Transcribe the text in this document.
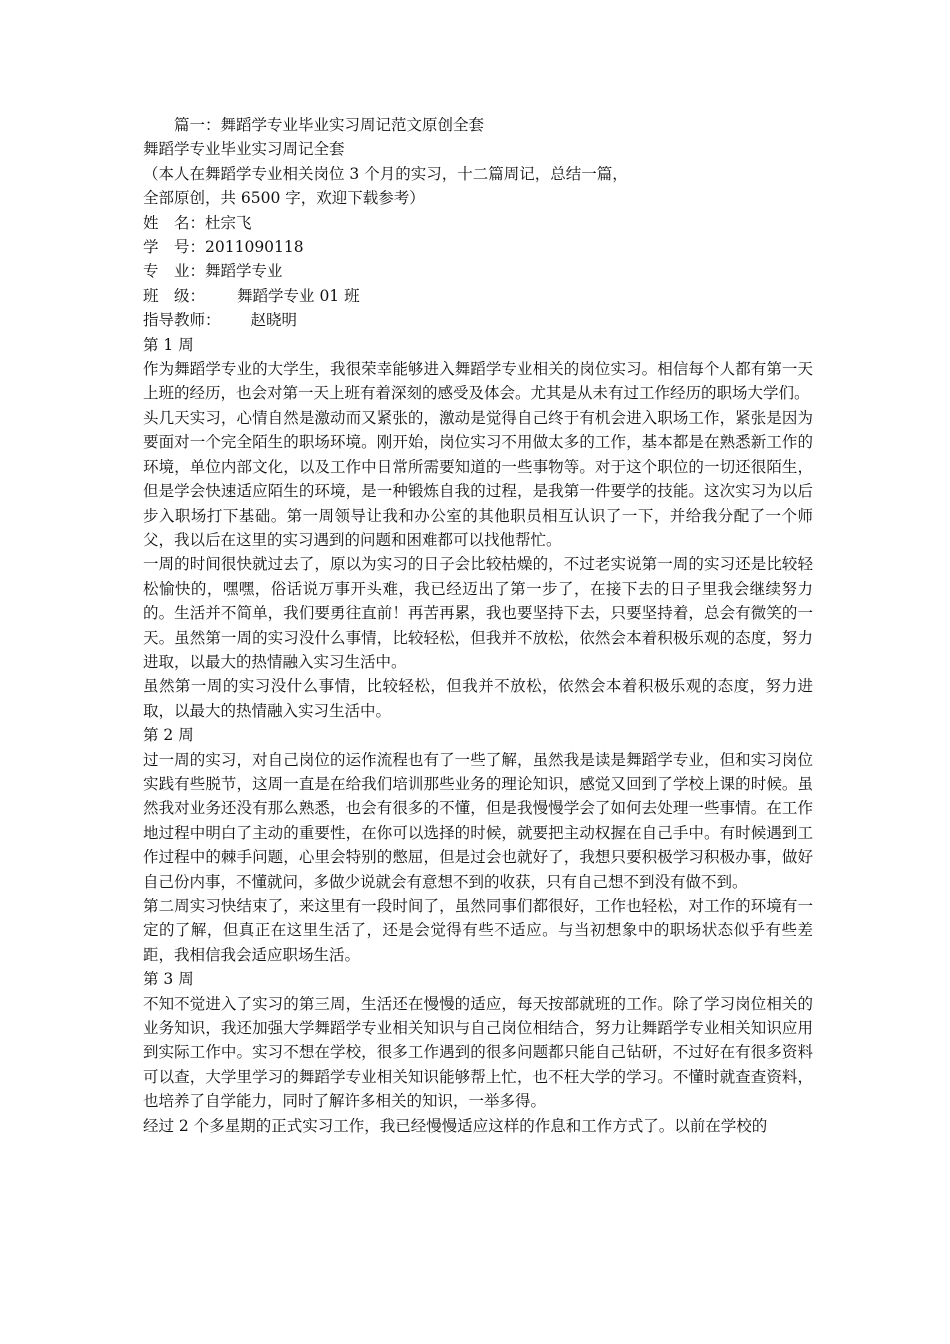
篇一：舞蹈学专业毕业实习周记范文原创全套

舞蹈学专业毕业实习周记全套

（本人在舞蹈学专业相关岗位 3 个月的实习，十二篇周记，总结一篇，

全部原创，共 6500 字，欢迎下载参考）

姓　名：杜宗飞

学　号：2011090118

专　业：舞蹈学专业

班　级： 舞蹈学专业 01 班

指导教师： 赵晓明

第 1 周

作为舞蹈学专业的大学生，我很荣幸能够进入舞蹈学专业相关的岗位实习。相信每个人都有第一天上班的经历，也会对第一天上班有着深刻的感受及体会。尤其是从未有过工作经历的职场大学们。

头几天实习，心情自然是激动而又紧张的，激动是觉得自己终于有机会进入职场工作，紧张是因为要面对一个完全陌生的职场环境。刚开始，岗位实习不用做太多的工作，基本都是在熟悉新工作的环境，单位内部文化，以及工作中日常所需要知道的一些事物等。对于这个职位的一切还很陌生，但是学会快速适应陌生的环境，是一种锻炼自我的过程，是我第一件要学的技能。这次实习为以后步入职场打下基础。第一周领导让我和办公室的其他职员相互认识了一下，并给我分配了一个师父，我以后在这里的实习遇到的问题和困难都可以找他帮忙。

一周的时间很快就过去了，原以为实习的日子会比较枯燥的，不过老实说第一周的实习还是比较轻松愉快的，嘿嘿，俗话说万事开头难，我已经迈出了第一步了，在接下去的日子里我会继续努力的。生活并不简单，我们要勇往直前！再苦再累，我也要坚持下去，只要坚持着，总会有微笑的一天。虽然第一周的实习没什么事情，比较轻松，但我并不放松，依然会本着积极乐观的态度，努力进取，以最大的热情融入实习生活中。

虽然第一周的实习没什么事情，比较轻松，但我并不放松，依然会本着积极乐观的态度，努力进取，以最大的热情融入实习生活中。

第 2 周

过一周的实习，对自己岗位的运作流程也有了一些了解，虽然我是读是舞蹈学专业，但和实习岗位实践有些脱节，这周一直是在给我们培训那些业务的理论知识，感觉又回到了学校上课的时候。虽然我对业务还没有那么熟悉，也会有很多的不懂，但是我慢慢学会了如何去处理一些事情。在工作地过程中明白了主动的重要性，在你可以选择的时候，就要把主动权握在自己手中。有时候遇到工作过程中的棘手问题，心里会特别的憋屈，但是过会也就好了，我想只要积极学习积极办事，做好自己份内事，不懂就问，多做少说就会有意想不到的收获，只有自己想不到没有做不到。

第二周实习快结束了，来这里有一段时间了，虽然同事们都很好，工作也轻松，对工作的环境有一定的了解，但真正在这里生活了，还是会觉得有些不适应。与当初想象中的职场状态似乎有些差距，我相信我会适应职场生活。

第 3 周

不知不觉进入了实习的第三周，生活还在慢慢的适应，每天按部就班的工作。除了学习岗位相关的业务知识，我还加强大学舞蹈学专业相关知识与自己岗位相结合，努力让舞蹈学专业相关知识应用到实际工作中。实习不想在学校，很多工作遇到的很多问题都只能自己钻研，不过好在有很多资料可以查，大学里学习的舞蹈学专业相关知识能够帮上忙，也不枉大学的学习。不懂时就查查资料，也培养了自学能力，同时了解许多相关的知识，一举多得。

经过 2 个多星期的正式实习工作，我已经慢慢适应这样的作息和工作方式了。以前在学校的
